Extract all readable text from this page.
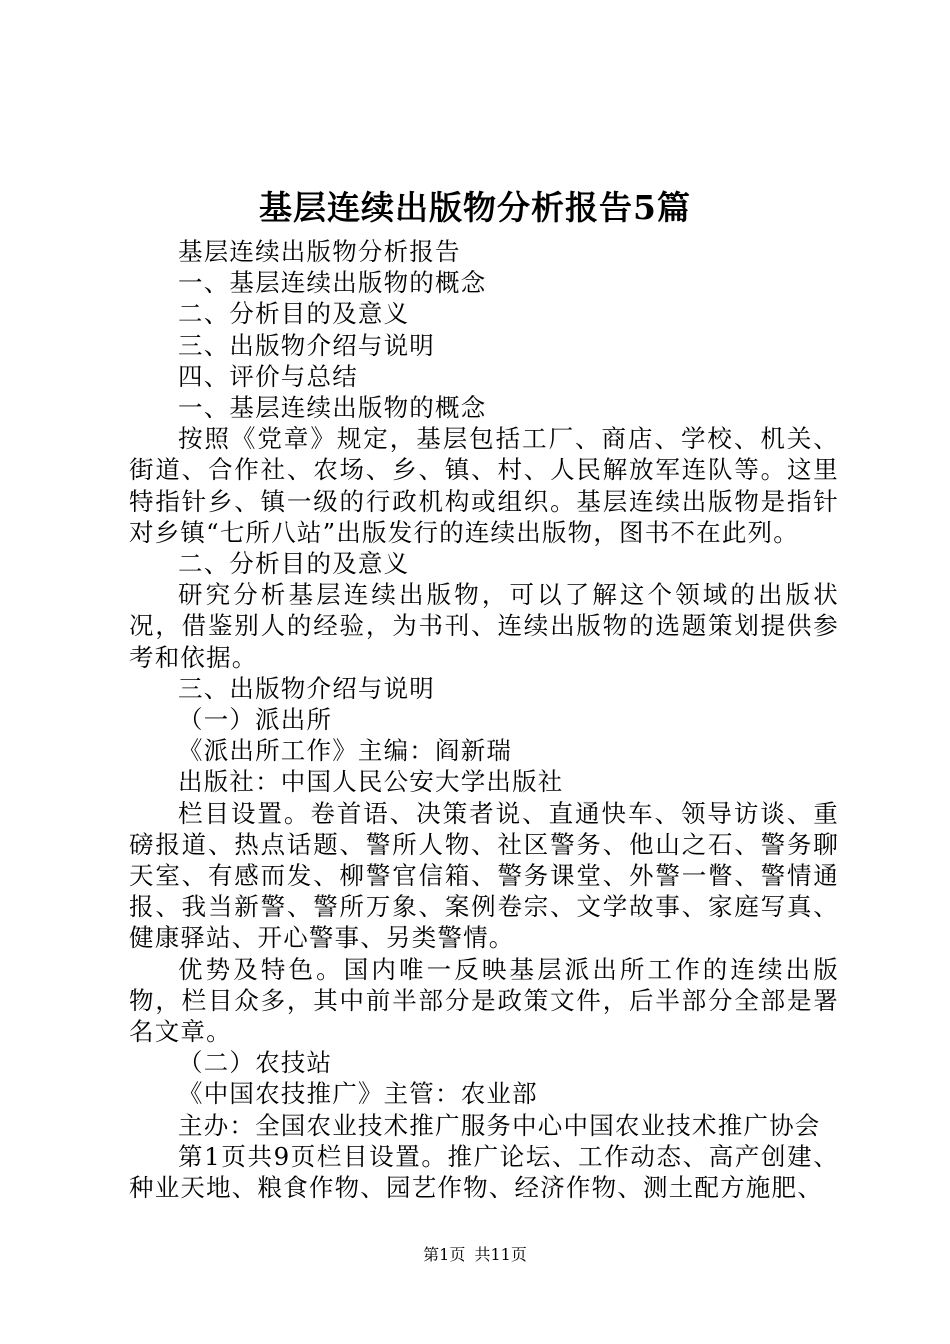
基层连续出版物分析报告5篇

基层连续出版物分析报告

一、基层连续出版物的概念

二、分析目的及意义

三、出版物介绍与说明

四、评价与总结

一、基层连续出版物的概念

按照《党章》规定，基层包括工厂、商店、学校、机关、街道、合作社、农场、乡、镇、村、人民解放军连队等。这里特指针乡、镇一级的行政机构或组织。基层连续出版物是指针对乡镇“七所八站”出版发行的连续出版物，图书不在此列。

二、分析目的及意义

研究分析基层连续出版物，可以了解这个领域的出版状况，借鉴别人的经验，为书刊、连续出版物的选题策划提供参考和依据。

三、出版物介绍与说明

（一）派出所

《派出所工作》主编：阎新瑞

出版社：中国人民公安大学出版社

栏目设置。卷首语、决策者说、直通快车、领导访谈、重磅报道、热点话题、警所人物、社区警务、他山之石、警务聊天室、有感而发、柳警官信箱、警务课堂、外警一瞥、警情通报、我当新警、警所万象、案例卷宗、文学故事、家庭写真、健康驿站、开心警事、另类警情。

优势及特色。国内唯一反映基层派出所工作的连续出版物，栏目众多，其中前半部分是政策文件，后半部分全部是署名文章。

（二）农技站

《中国农技推广》主管：农业部

主办：全国农业技术推广服务中心中国农业技术推广协会

第1页共9页栏目设置。推广论坛、工作动态、高产创建、种业天地、粮食作物、园艺作物、经济作物、测土配方施肥、

第1页 共11页
